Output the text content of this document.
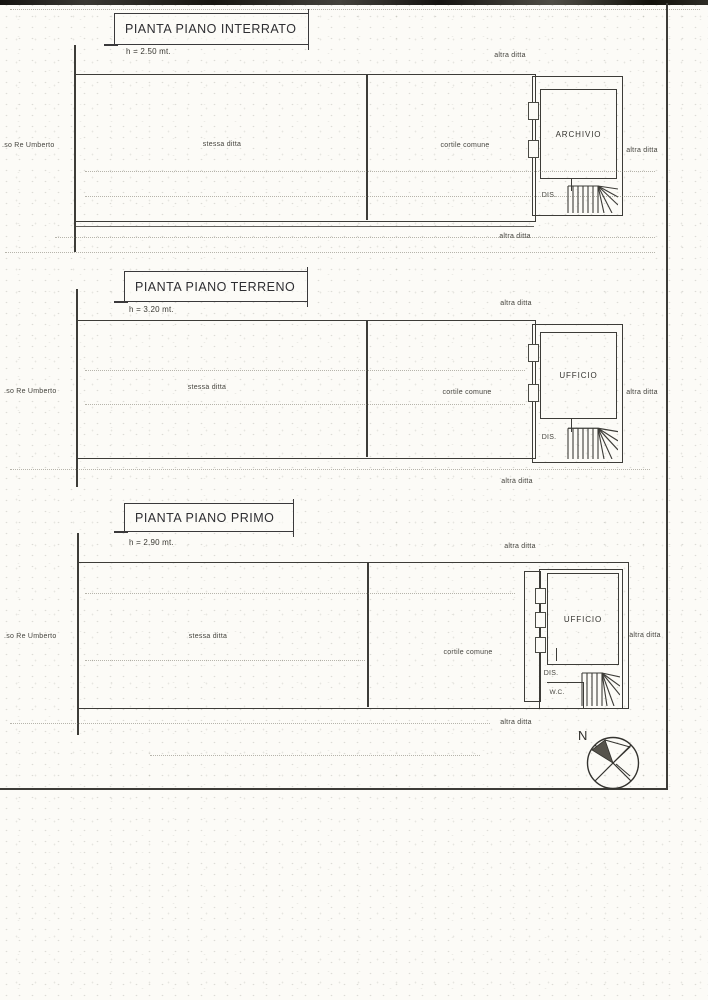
PIANTA PIANO INTERRATO
h = 2.50 mt.	altra ditta
ARCHIVIO
DIS.
.so Re Umberto	stessa ditta	cortile comune
altra ditta
altra ditta
PIANTA PIANO TERRENO
h = 3.20 mt.
altra ditta
UFFICIO
DIS.
.so Re Umberto
stessa ditta
cortile comune	altra ditta
altra ditta
PIANTA PIANO PRIMO
h = 2.90 mt.	altra ditta
UFFICIO
DIS.
W.C.
.so Re Umberto	stessa ditta
cortile comune
altra ditta
altra ditta
N
